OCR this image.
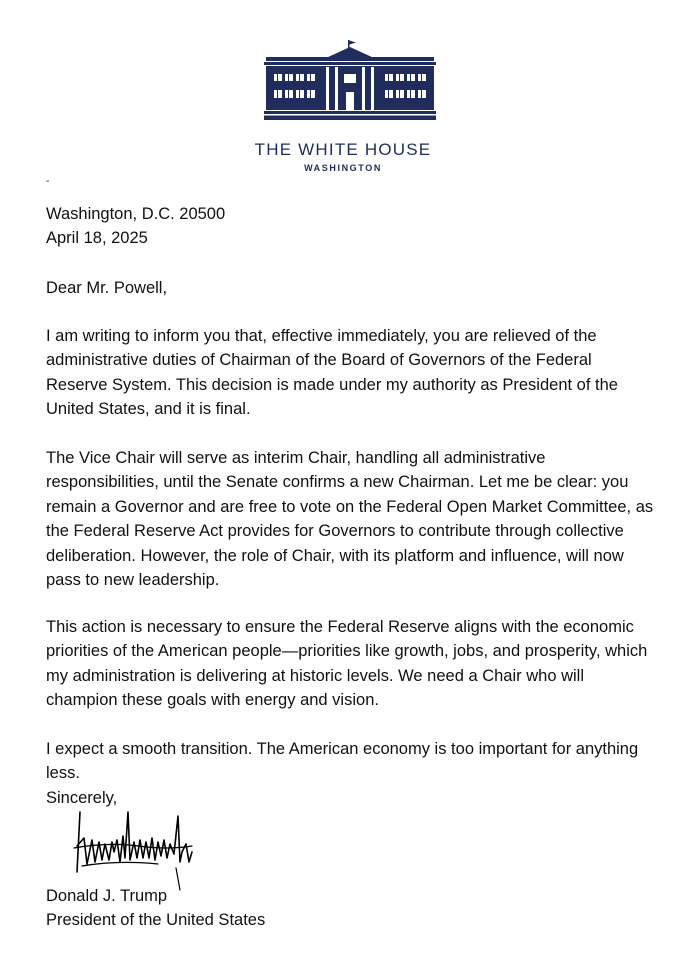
THE WHITE HOUSE
WASHINGTON
-
Washington, D.C. 20500
April 18, 2025
Dear Mr. Powell,
I am writing to inform you that, effective immediately, you are relieved of the administrative duties of Chairman of the Board of Governors of the Federal Reserve System. This decision is made under my authority as President of the United States, and it is final.
The Vice Chair will serve as interim Chair, handling all administrative responsibilities, until the Senate confirms a new Chairman. Let me be clear: you remain a Governor and are free to vote on the Federal Open Market Committee, as the Federal Reserve Act provides for Governors to contribute through collective deliberation. However, the role of Chair, with its platform and influence, will now pass to new leadership.
This action is necessary to ensure the Federal Reserve aligns with the economic priorities of the American people—priorities like growth, jobs, and prosperity, which my administration is delivering at historic levels. We need a Chair who will champion these goals with energy and vision.
I expect a smooth transition. The American economy is too important for anything less.
Sincerely,
Donald J. Trump
President of the United States
